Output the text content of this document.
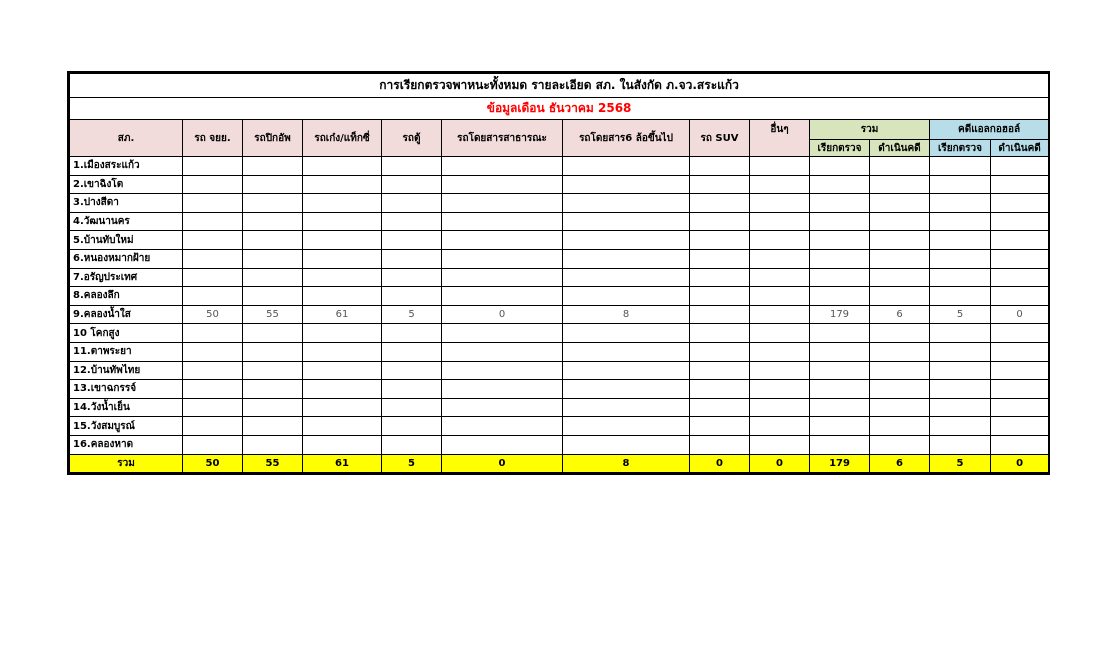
การเรียกตรวจพาหนะทั้งหมด รายละเอียด สภ. ในสังกัด ภ.จว.สระแก้ว												
ข้อมูลเดือน ธันวาคม 2568												
สภ.	รถ จยย.	รถปิกอัพ	รถเก๋ง/แท็กซี่	รถตู้	รถโดยสารสาธารณะ	รถโดยสาร6 ล้อขึ้นไป	รถ SUV	อื่นๆ	รวม		คดีแอลกอฮอล์	
									เรียกตรวจ	ดำเนินคดี	เรียกตรวจ	ดำเนินคดี
1.เมืองสระแก้ว												
2.เขาฉิงโต												
3.ปางสีดา												
4.วัฒนานคร												
5.บ้านทับใหม่												
6.หนองหมากฝ้าย												
7.อรัญประเทศ												
8.คลองลึก												
9.คลองน้ำใส	50	55	61	5	0	8			179	6	5	0
10 โคกสูง												
11.ตาพระยา												
12.บ้านทัพไทย												
13.เขาฉกรรจ์												
14.วังน้ำเย็น												
15.วังสมบูรณ์												
16.คลองหาด												
รวม	50	55	61	5	0	8	0	0	179	6	5	0
